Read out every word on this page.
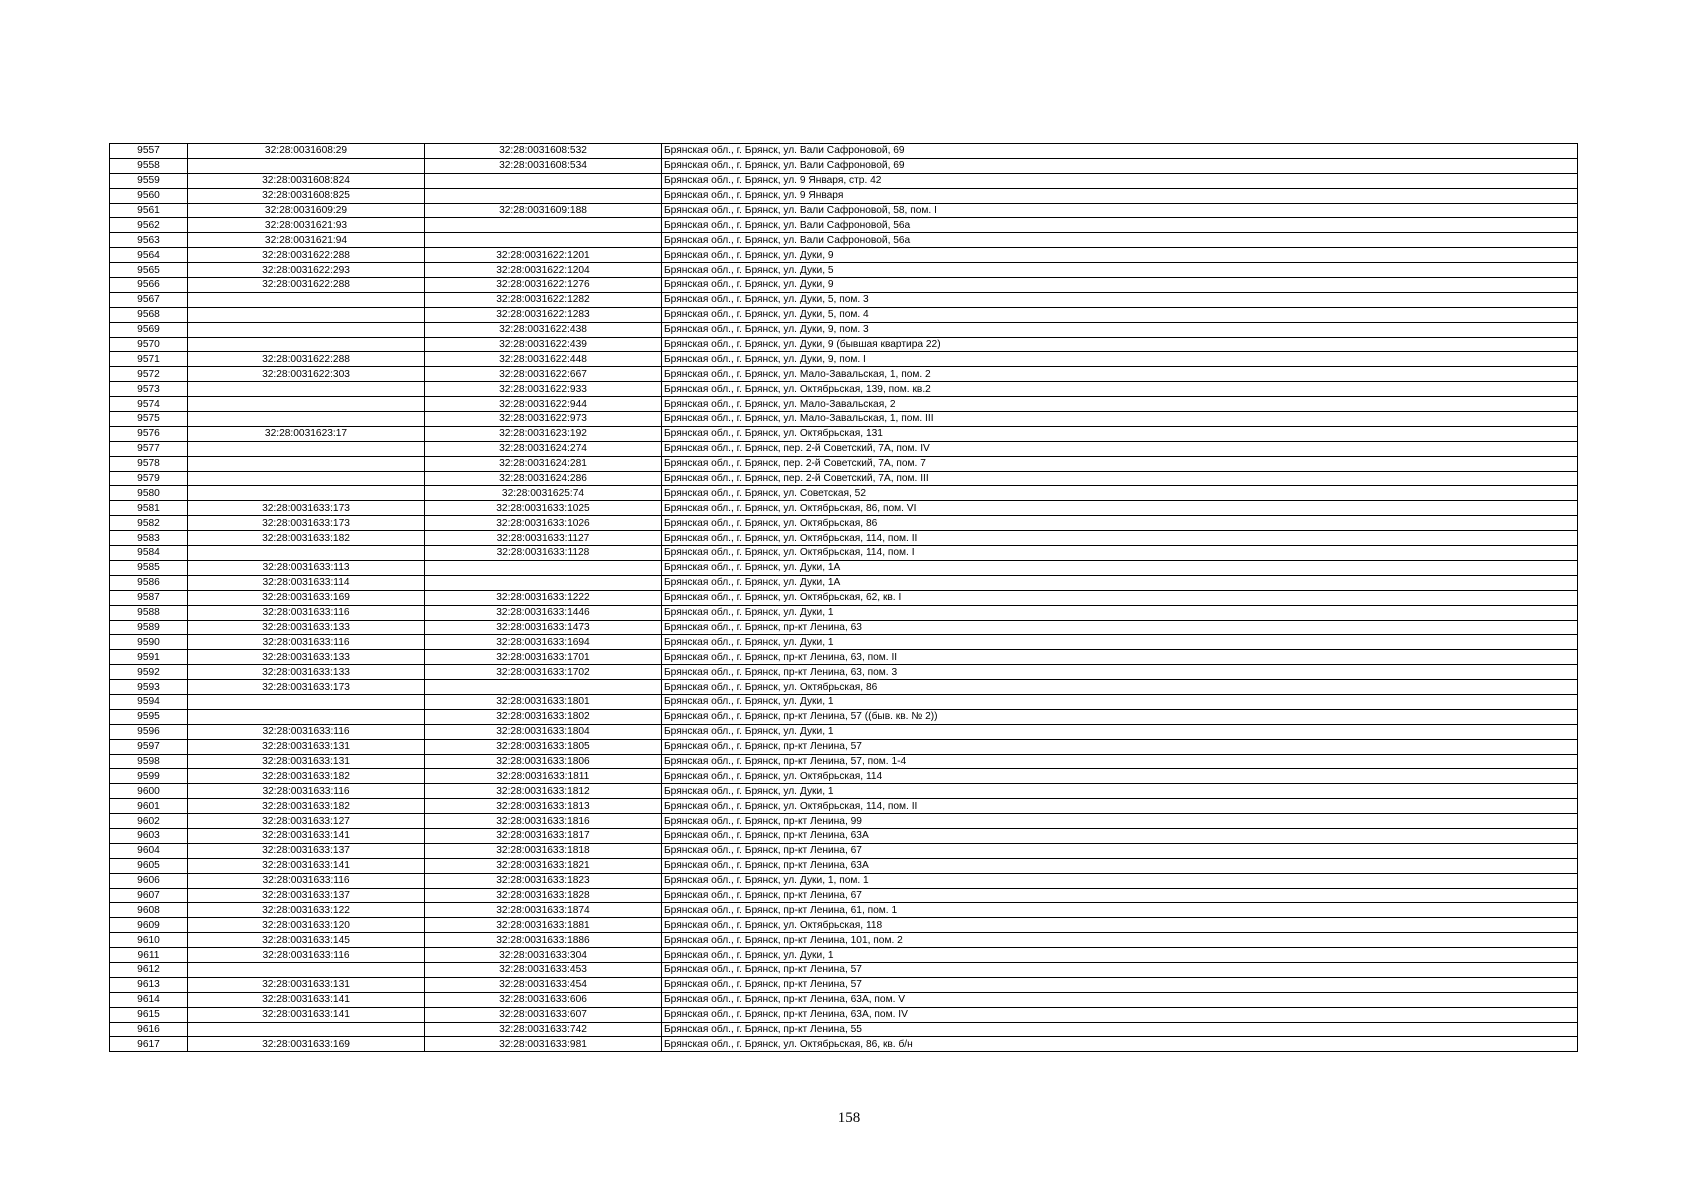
9557	32:28:0031608:29	32:28:0031608:532	Брянская обл., г. Брянск, ул. Вали Сафроновой, 69
9558		32:28:0031608:534	Брянская обл., г. Брянск, ул. Вали Сафроновой, 69
9559	32:28:0031608:824		Брянская обл., г. Брянск, ул. 9 Января, стр. 42
9560	32:28:0031608:825		Брянская обл., г. Брянск, ул. 9 Января
9561	32:28:0031609:29	32:28:0031609:188	Брянская обл., г. Брянск, ул. Вали Сафроновой, 58, пом. I
9562	32:28:0031621:93		Брянская обл., г. Брянск, ул. Вали Сафроновой, 56а
9563	32:28:0031621:94		Брянская обл., г. Брянск, ул. Вали Сафроновой, 56а
9564	32:28:0031622:288	32:28:0031622:1201	Брянская обл., г. Брянск, ул. Дуки, 9
9565	32:28:0031622:293	32:28:0031622:1204	Брянская обл., г. Брянск, ул. Дуки, 5
9566	32:28:0031622:288	32:28:0031622:1276	Брянская обл., г. Брянск, ул. Дуки, 9
9567		32:28:0031622:1282	Брянская обл., г. Брянск, ул. Дуки, 5, пом. 3
9568		32:28:0031622:1283	Брянская обл., г. Брянск, ул. Дуки, 5, пом. 4
9569		32:28:0031622:438	Брянская обл., г. Брянск, ул. Дуки, 9, пом. 3
9570		32:28:0031622:439	Брянская обл., г. Брянск, ул. Дуки, 9 (бывшая квартира 22)
9571	32:28:0031622:288	32:28:0031622:448	Брянская обл., г. Брянск, ул. Дуки, 9, пом. I
9572	32:28:0031622:303	32:28:0031622:667	Брянская обл., г. Брянск, ул. Мало-Завальская, 1, пом. 2
9573		32:28:0031622:933	Брянская обл., г. Брянск, ул. Октябрьская, 139, пом. кв.2
9574		32:28:0031622:944	Брянская обл., г. Брянск, ул. Мало-Завальская, 2
9575		32:28:0031622:973	Брянская обл., г. Брянск, ул. Мало-Завальская, 1, пом. III
9576	32:28:0031623:17	32:28:0031623:192	Брянская обл., г. Брянск, ул. Октябрьская, 131
9577		32:28:0031624:274	Брянская обл., г. Брянск, пер. 2-й Советский, 7А, пом. IV
9578		32:28:0031624:281	Брянская обл., г. Брянск, пер. 2-й Советский, 7А, пом. 7
9579		32:28:0031624:286	Брянская обл., г. Брянск, пер. 2-й Советский, 7А, пом. III
9580		32:28:0031625:74	Брянская обл., г. Брянск, ул. Советская, 52
9581	32:28:0031633:173	32:28:0031633:1025	Брянская обл., г. Брянск, ул. Октябрьская, 86, пом. VI
9582	32:28:0031633:173	32:28:0031633:1026	Брянская обл., г. Брянск, ул. Октябрьская, 86
9583	32:28:0031633:182	32:28:0031633:1127	Брянская обл., г. Брянск, ул. Октябрьская, 114, пом. II
9584		32:28:0031633:1128	Брянская обл., г. Брянск, ул. Октябрьская, 114, пом. I
9585	32:28:0031633:113		Брянская обл., г. Брянск, ул. Дуки, 1А
9586	32:28:0031633:114		Брянская обл., г. Брянск, ул. Дуки, 1А
9587	32:28:0031633:169	32:28:0031633:1222	Брянская обл., г. Брянск, ул. Октябрьская, 62, кв. I
9588	32:28:0031633:116	32:28:0031633:1446	Брянская обл., г. Брянск, ул. Дуки, 1
9589	32:28:0031633:133	32:28:0031633:1473	Брянская обл., г. Брянск, пр-кт Ленина, 63
9590	32:28:0031633:116	32:28:0031633:1694	Брянская обл., г. Брянск, ул. Дуки, 1
9591	32:28:0031633:133	32:28:0031633:1701	Брянская обл., г. Брянск, пр-кт Ленина, 63, пом. II
9592	32:28:0031633:133	32:28:0031633:1702	Брянская обл., г. Брянск, пр-кт Ленина, 63, пом. 3
9593	32:28:0031633:173		Брянская обл., г. Брянск, ул. Октябрьская, 86
9594		32:28:0031633:1801	Брянская обл., г. Брянск, ул. Дуки, 1
9595		32:28:0031633:1802	Брянская обл., г. Брянск, пр-кт Ленина, 57 ((быв. кв. № 2))
9596	32:28:0031633:116	32:28:0031633:1804	Брянская обл., г. Брянск, ул. Дуки, 1
9597	32:28:0031633:131	32:28:0031633:1805	Брянская обл., г. Брянск, пр-кт Ленина, 57
9598	32:28:0031633:131	32:28:0031633:1806	Брянская обл., г. Брянск, пр-кт Ленина, 57, пом. 1-4
9599	32:28:0031633:182	32:28:0031633:1811	Брянская обл., г. Брянск, ул. Октябрьская, 114
9600	32:28:0031633:116	32:28:0031633:1812	Брянская обл., г. Брянск, ул. Дуки, 1
9601	32:28:0031633:182	32:28:0031633:1813	Брянская обл., г. Брянск, ул. Октябрьская, 114, пом. II
9602	32:28:0031633:127	32:28:0031633:1816	Брянская обл., г. Брянск, пр-кт Ленина, 99
9603	32:28:0031633:141	32:28:0031633:1817	Брянская обл., г. Брянск, пр-кт Ленина, 63А
9604	32:28:0031633:137	32:28:0031633:1818	Брянская обл., г. Брянск, пр-кт Ленина, 67
9605	32:28:0031633:141	32:28:0031633:1821	Брянская обл., г. Брянск, пр-кт Ленина, 63А
9606	32:28:0031633:116	32:28:0031633:1823	Брянская обл., г. Брянск, ул. Дуки, 1, пом. 1
9607	32:28:0031633:137	32:28:0031633:1828	Брянская обл., г. Брянск, пр-кт Ленина, 67
9608	32:28:0031633:122	32:28:0031633:1874	Брянская обл., г. Брянск, пр-кт Ленина, 61, пом. 1
9609	32:28:0031633:120	32:28:0031633:1881	Брянская обл., г. Брянск, ул. Октябрьская, 118
9610	32:28:0031633:145	32:28:0031633:1886	Брянская обл., г. Брянск, пр-кт Ленина, 101, пом. 2
9611	32:28:0031633:116	32:28:0031633:304	Брянская обл., г. Брянск, ул. Дуки, 1
9612		32:28:0031633:453	Брянская обл., г. Брянск, пр-кт Ленина, 57
9613	32:28:0031633:131	32:28:0031633:454	Брянская обл., г. Брянск, пр-кт Ленина, 57
9614	32:28:0031633:141	32:28:0031633:606	Брянская обл., г. Брянск, пр-кт Ленина, 63А, пом. V
9615	32:28:0031633:141	32:28:0031633:607	Брянская обл., г. Брянск, пр-кт Ленина, 63А, пом. IV
9616		32:28:0031633:742	Брянская обл., г. Брянск, пр-кт Ленина, 55
9617	32:28:0031633:169	32:28:0031633:981	Брянская обл., г. Брянск, ул. Октябрьская, 86, кв. б/н
158
